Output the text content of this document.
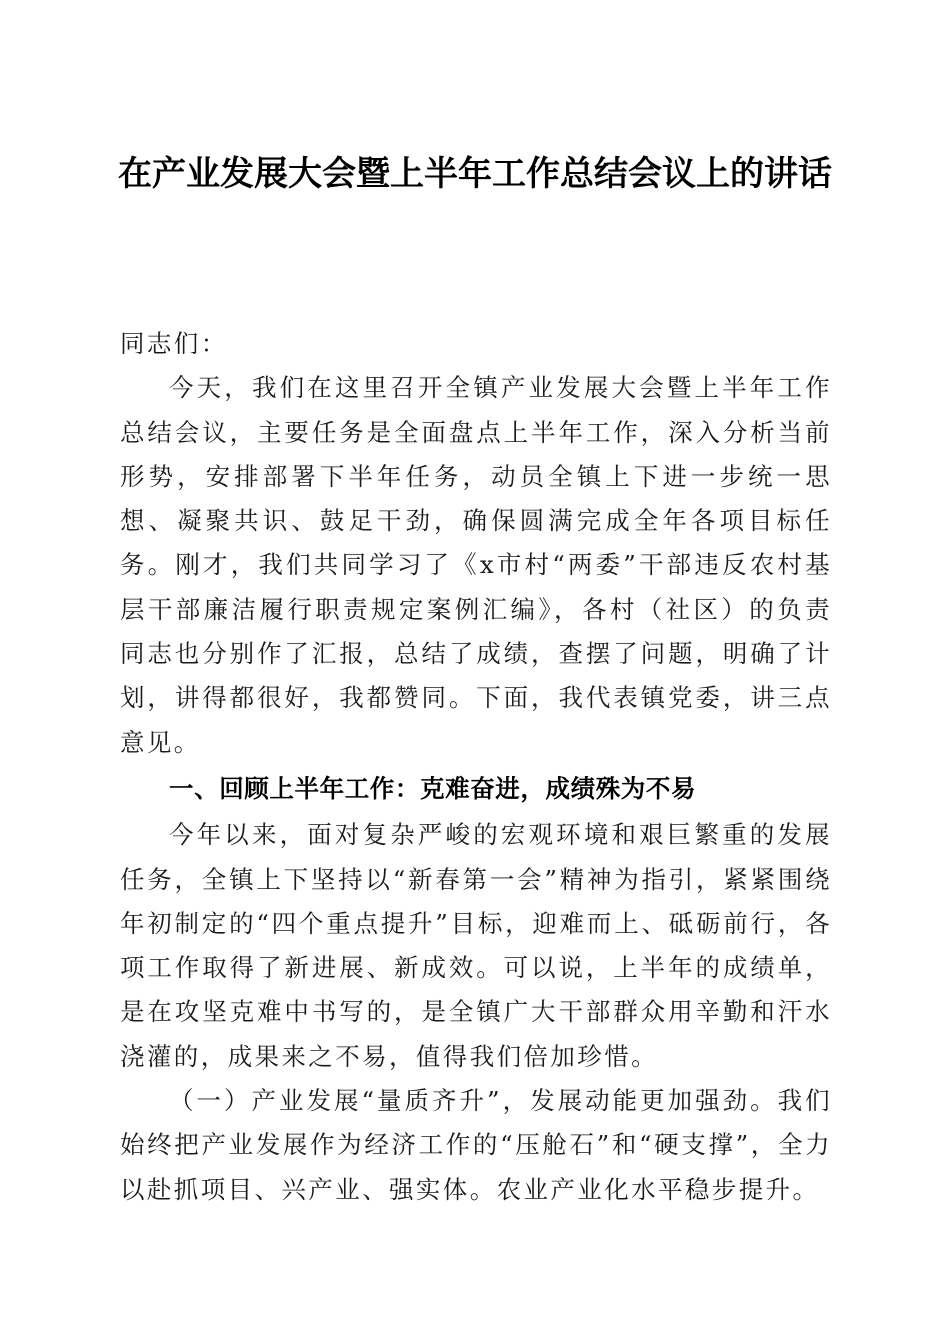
在产业发展大会暨上半年工作总结会议上的讲话

同志们：

今天，我们在这里召开全镇产业发展大会暨上半年工作总结会议，主要任务是全面盘点上半年工作，深入分析当前形势，安排部署下半年任务，动员全镇上下进一步统一思想、凝聚共识、鼓足干劲，确保圆满完成全年各项目标任务。刚才，我们共同学习了《x市村“两委”干部违反农村基层干部廉洁履行职责规定案例汇编》，各村（社区）的负责同志也分别作了汇报，总结了成绩，查摆了问题，明确了计划，讲得都很好，我都赞同。下面，我代表镇党委，讲三点意见。

一、回顾上半年工作：克难奋进，成绩殊为不易

今年以来，面对复杂严峻的宏观环境和艰巨繁重的发展任务，全镇上下坚持以“新春第一会”精神为指引，紧紧围绕年初制定的“四个重点提升”目标，迎难而上、砥砺前行，各项工作取得了新进展、新成效。可以说，上半年的成绩单，是在攻坚克难中书写的，是全镇广大干部群众用辛勤和汗水浇灌的，成果来之不易，值得我们倍加珍惜。

（一）产业发展“量质齐升”，发展动能更加强劲。我们始终把产业发展作为经济工作的“压舱石”和“硬支撑”，全力以赴抓项目、兴产业、强实体。农业产业化水平稳步提升。
